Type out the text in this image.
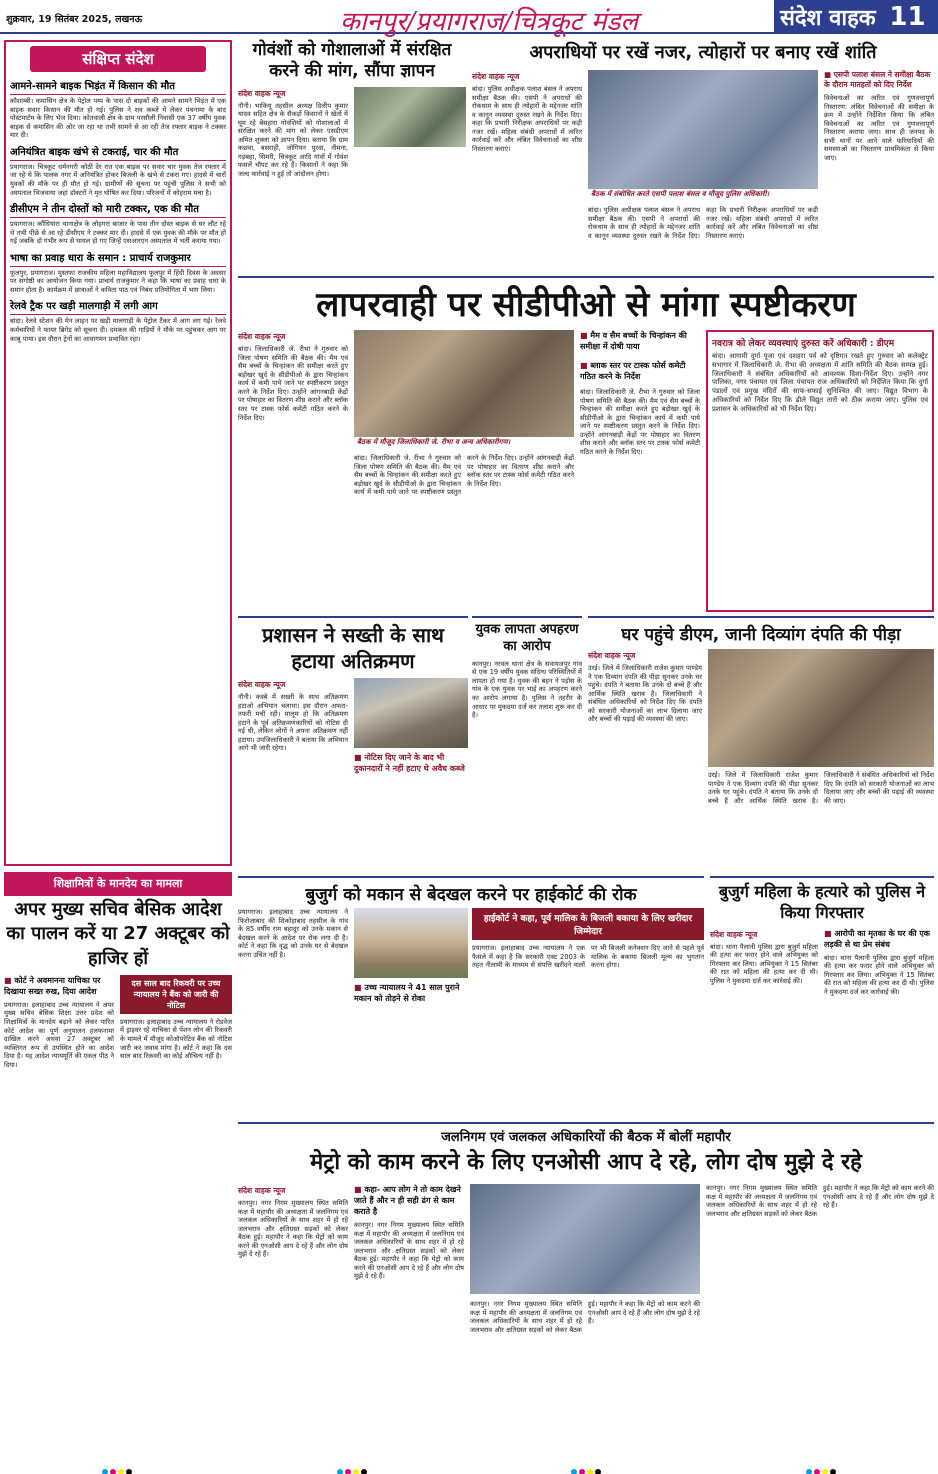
शुक्रवार, 19 सितंबर 2025, लखनऊ	कानपुर/प्रयागराज/चित्रकूट मंडल	संदेश वाहक 11
संक्षिप्त संदेश
आमने-सामने बाइक भिड़ंत में किसान की मौत
कौशाम्बी। कमासिन क्षेत्र के पेट्रोल पम्प के पास दो बाइकों की आमने सामने भिड़ंत में एक बाइक सवार किसान की मौत हो गई। पुलिस ने शव कब्जे में लेकर पंचनामा के बाद पोस्टमार्टम के लिए भेज दिया। कोतवाली क्षेत्र के ग्राम परसौली निवासी एक 37 वर्षीय युवक बाइक से कमासिन की ओर जा रहा था तभी सामने से आ रही तेज रफ्तार बाइक ने टक्कर मार दी।
अनियंत्रित बाइक खंभे से टकराई, चार की मौत
प्रयागराज। चित्रकूट धर्मनगरी कोठी देर रात एक बाइक पर सवार चार युवक तेज रफ्तार में जा रहे थे कि पालक नगर में अनियंत्रित होकर बिजली के खंभे से टकरा गए। हादसे में चारों युवकों की मौके पर ही मौत हो गई। ग्रामीणों की सूचना पर पहुंची पुलिस ने सभी को अस्पताल भिजवाया जहां डॉक्टरों ने मृत घोषित कर दिया। परिजनों में कोहराम मचा है।
डीसीएम ने तीन दोस्तों को मारी टक्कर, एक की मौत
प्रयागराज। कौंधियारा थानाक्षेत्र के लोहगरा बाजार के पास तीन दोस्त बाइक से घर लौट रहे थे तभी पीछे से आ रहे डीसीएम ने टक्कर मार दी। हादसे में एक युवक की मौके पर मौत हो गई जबकि दो गंभीर रूप से घायल हो गए जिन्हें एसआरएन अस्पताल में भर्ती कराया गया।
भाषा का प्रवाह धारा के समान : प्राचार्य राजकुमार
फूलपुर, प्रयागराज। मुस्तफा राजकीय महिला महाविद्यालय फूलपुर में हिंदी दिवस के अवसर पर संगोष्ठी का आयोजन किया गया। प्राचार्य राजकुमार ने कहा कि भाषा का प्रवाह धारा के समान होता है। कार्यक्रम में छात्राओं ने कविता पाठ एवं निबंध प्रतियोगिता में भाग लिया।
रेलवे ट्रैक पर खड़ी मालगाड़ी में लगी आग
बांदा। रेलवे स्टेशन की मेन लाइन पर खड़ी मालगाड़ी के पेट्रोल टैंकर में आग लग गई। रेलवे कर्मचारियों ने फायर ब्रिगेड को सूचना दी। दमकल की गाड़ियों ने मौके पर पहुंचकर आग पर काबू पाया। इस दौरान ट्रेनों का आवागमन प्रभावित रहा।
गोवंशों को गोशालाओं में संरक्षित करने की मांग, सौंपा ज्ञापन
संदेश वाहक न्यूज
नौनी। भाकियू तहसील अध्यक्ष दिलीप कुमार यादव सहित क्षेत्र के सैकड़ों किसानों ने खेतों में घूम रहे बेसहारा गोवंशियों को गोशालाओं में संरक्षित करने की मांग को लेकर एसडीएम अमित शुक्ला को ज्ञापन दिया। बताया कि ग्राम कछवा, बसराही, जोगियन पुरवा, नीमना, गड़बहा, सिमरी, चित्रकूट आदि गांवों में गोवंश फसलें चौपट कर रहे हैं। किसानों ने कहा कि जल्द कार्रवाई न हुई तो आंदोलन होगा।
अपराधियों पर रखें नजर, त्योहारों पर बनाए रखें शांति
संदेश वाहक न्यूज
बांदा। पुलिस अधीक्षक पलाश बंसल ने अपराध समीक्षा बैठक की। एसपी ने अपराधों की रोकथाम के साथ ही त्योहारों के मद्देनजर शांति व कानून व्यवस्था दुरुस्त रखने के निर्देश दिए। कहा कि प्रभारी निरीक्षक अपराधियों पर कड़ी नजर रखें। महिला संबंधी अपराधों में त्वरित कार्रवाई करें और लंबित विवेचनाओं का शीघ्र निस्तारण कराएं।
बैठक में संबोधित करते एसपी पलाश बंसल व मौजूद पुलिस अधिकारी।
बांदा। पुलिस अधीक्षक पलाश बंसल ने अपराध समीक्षा बैठक की। एसपी ने अपराधों की रोकथाम के साथ ही त्योहारों के मद्देनजर शांति व कानून व्यवस्था दुरुस्त रखने के निर्देश दिए। कहा कि प्रभारी निरीक्षक अपराधियों पर कड़ी नजर रखें। महिला संबंधी अपराधों में त्वरित कार्रवाई करें और लंबित विवेचनाओं का शीघ्र निस्तारण कराएं।
■ एसपी पलाश बंसल ने समीक्षा बैठक के दौरान मातहतों को दिए निर्देश
विवेचनाओं का त्वरित एवं गुणवत्तापूर्ण निस्तारण: लंबित विवेचनाओं की समीक्षा के क्रम में उन्होंने निर्देशित किया कि लंबित विवेचनाओं का त्वरित एवं गुणवत्तापूर्ण निस्तारण कराया जाए। साथ ही जनपद के सभी थानों पर आने वाले फरियादियों की समस्याओं का निस्तारण प्राथमिकता से किया जाए।
लापरवाही पर सीडीपीओ से मांगा स्पष्टीकरण
संदेश वाहक न्यूज
बांदा। जिलाधिकारी जे. रीभा ने गुरुवार को जिला पोषण समिति की बैठक की। मैम एवं सैम बच्चों के चिन्हांकन की समीक्षा करते हुए बड़ोखर खुर्द के सीडीपीओ के द्वारा चिन्हांकन कार्य में कमी पाये जाने पर स्पष्टीकरण प्रस्तुत करने के निर्देश दिए। उन्होंने आंगनबाड़ी केंद्रों पर पोषाहार का वितरण शीघ्र कराने और ब्लॉक स्तर पर टास्क फोर्स कमेटी गठित करने के निर्देश दिए।
बैठक में मौजूद जिलाधिकारी जे. रीभा व अन्य अधिकारीगण।
बांदा। जिलाधिकारी जे. रीभा ने गुरुवार को जिला पोषण समिति की बैठक की। मैम एवं सैम बच्चों के चिन्हांकन की समीक्षा करते हुए बड़ोखर खुर्द के सीडीपीओ के द्वारा चिन्हांकन कार्य में कमी पाये जाने पर स्पष्टीकरण प्रस्तुत करने के निर्देश दिए। उन्होंने आंगनबाड़ी केंद्रों पर पोषाहार का वितरण शीघ्र कराने और ब्लॉक स्तर पर टास्क फोर्स कमेटी गठित करने के निर्देश दिए।
■ मैम व सैम बच्चों के चिन्हांकन की समीक्षा में दोषी पाया
■ ब्लाक स्तर पर टास्क फोर्स कमेटी गठित करने के निर्देश
बांदा। जिलाधिकारी जे. रीभा ने गुरुवार को जिला पोषण समिति की बैठक की। मैम एवं सैम बच्चों के चिन्हांकन की समीक्षा करते हुए बड़ोखर खुर्द के सीडीपीओ के द्वारा चिन्हांकन कार्य में कमी पाये जाने पर स्पष्टीकरण प्रस्तुत करने के निर्देश दिए। उन्होंने आंगनबाड़ी केंद्रों पर पोषाहार का वितरण शीघ्र कराने और ब्लॉक स्तर पर टास्क फोर्स कमेटी गठित करने के निर्देश दिए।
नवरात्र को लेकर व्यवस्थाएं दुरुस्त करें अधिकारी : डीएम
बांदा। आगामी दुर्गा पूजा एवं दशहरा पर्व को दृष्टिगत रखते हुए गुरुवार को कलेक्ट्रेट सभागार में जिलाधिकारी जे. रीभा की अध्यक्षता में शांति समिति की बैठक सम्पन्न हुई। जिलाधिकारी ने संबंधित अधिकारियों को आवश्यक दिशा-निर्देश दिए। उन्होंने नगर पालिका, नगर पंचायत एवं जिला पंचायत राज अधिकारियों को निर्देशित किया कि दुर्गा पंडालों एवं प्रमुख मंदिरों की साफ-सफाई सुनिश्चित की जाए। विद्युत विभाग के अधिकारियों को निर्देश दिए कि ढीले विद्युत तारों को ठीक कराया जाए। पुलिस एवं प्रशासन के अधिकारियों को भी निर्देश दिए।
प्रशासन ने सख्ती के साथ हटाया अतिक्रमण
संदेश वाहक न्यूज
नौनी। कस्बे में सख्ती के साथ अतिक्रमण हटाओ अभियान चलाया। इस दौरान अफरा-तफरी मची रही। मालूम हो कि अतिक्रमण हटाने के पूर्व अतिक्रमणकारियों को नोटिस दी गई थी, लेकिन लोगों ने अपना अतिक्रमण नहीं हटाया। उपजिलाधिकारी ने बताया कि अभियान आगे भी जारी रहेगा।
■ नोटिस दिए जाने के बाद भी दुकानदारों ने नहीं हटाए थे अवैध कब्जे
युवक लापता अपहरण का आरोप
कानपुर। नरवल थाना क्षेत्र के सवायजपुर गांव से एक 19 वर्षीय युवक संदिग्ध परिस्थितियों में लापता हो गया है। युवक की बहन ने पड़ोस के गांव के एक युवक पर भाई का अपहरण करने का आरोप लगाया है। पुलिस ने तहरीर के आधार पर मुकदमा दर्ज कर तलाश शुरू कर दी है।
घर पहुंचे डीएम, जानी दिव्यांग दंपति की पीड़ा
संदेश वाहक न्यूज
उरई। जिले में जिलाधिकारी राजेश कुमार पाण्डेय ने एक दिव्यांग दंपति की पीड़ा सुनकर उनके घर पहुंचे। दंपति ने बताया कि उनके दो बच्चे हैं और आर्थिक स्थिति खराब है। जिलाधिकारी ने संबंधित अधिकारियों को निर्देश दिए कि दंपति को सरकारी योजनाओं का लाभ दिलाया जाए और बच्चों की पढ़ाई की व्यवस्था की जाए।
उरई। जिले में जिलाधिकारी राजेश कुमार पाण्डेय ने एक दिव्यांग दंपति की पीड़ा सुनकर उनके घर पहुंचे। दंपति ने बताया कि उनके दो बच्चे हैं और आर्थिक स्थिति खराब है। जिलाधिकारी ने संबंधित अधिकारियों को निर्देश दिए कि दंपति को सरकारी योजनाओं का लाभ दिलाया जाए और बच्चों की पढ़ाई की व्यवस्था की जाए।
शिक्षामित्रों के मानदेय का मामला
अपर मुख्य सचिव बेसिक आदेश का पालन करें या 27 अक्टूबर को हाजिर हों
■ कोर्ट ने अवमानना याचिका पर दिखाया सख्त रुख, दिया आदेश
प्रयागराज। इलाहाबाद उच्च न्यायालय ने अपर मुख्य सचिव बेसिक शिक्षा उत्तर प्रदेश को शिक्षामित्रों के मानदेय बढ़ाने को लेकर पारित कोर्ट आदेश का पूर्ण अनुपालन हलफनामा दाखिल करने अथवा 27 अक्टूबर को व्यक्तिगत रूप से उपस्थित होने का आदेश दिया है। यह आदेश न्यायमूर्ति की एकल पीठ ने दिया।
दस साल बाद रिकवरी पर उच्च न्यायालय ने बैंक को जारी की नोटिस
प्रयागराज। इलाहाबाद उच्च न्यायालय ने रोडवेज में ड्राइवर रहे याचिका से पेंशन लोन की रिकवरी के मामले में मौजूद कोऑपरेटिव बैंक को नोटिस जारी कर जवाब मांगा है। कोर्ट ने कहा कि दस साल बाद रिकवरी का कोई औचित्य नहीं है।
बुजुर्ग को मकान से बेदखल करने पर हाईकोर्ट की रोक
प्रयागराज। इलाहाबाद उच्च न्यायालय ने फिरोजाबाद की शिकोहाबाद तहसील के गांव के 85 वर्षीय राम बहादुर को उनके मकान से बेदखल करने के आदेश पर रोक लगा दी है। कोर्ट ने कहा कि वृद्ध को उनके घर से बेदखल करना उचित नहीं है।
■ उच्च न्यायालय ने 41 साल पुराने मकान को तोड़ने से रोका
हाईकोर्ट ने कहा, पूर्व मालिक के बिजली बकाया के लिए खरीदार जिम्मेदार
प्रयागराज। इलाहाबाद उच्च न्यायालय ने एक फैसले में कहा है कि सरकारी एक्ट 2003 के तहत नीलामी के माध्यम से संपत्ति खरीदने वालों पर भी बिजली कनेक्शन दिए जाने से पहले पूर्व मालिक के बकाया बिजली मूल्य का भुगतान करना होगा।
बुजुर्ग महिला के हत्यारे को पुलिस ने किया गिरफ्तार
संदेश वाहक न्यूज
बांदा। थाना पैलानी पुलिस द्वारा बुजुर्ग महिला की हत्या कर फरार होने वाले अभियुक्त को गिरफ्तार कर लिया। अभियुक्त ने 15 सितंबर की रात को महिला की हत्या कर दी थी। पुलिस ने मुकदमा दर्ज कर कार्रवाई की।
■ आरोपी का मृतका के घर की एक लड़की से था प्रेम संबंध
बांदा। थाना पैलानी पुलिस द्वारा बुजुर्ग महिला की हत्या कर फरार होने वाले अभियुक्त को गिरफ्तार कर लिया। अभियुक्त ने 15 सितंबर की रात को महिला की हत्या कर दी थी। पुलिस ने मुकदमा दर्ज कर कार्रवाई की।
जलनिगम एवं जलकल अधिकारियों की बैठक में बोलीं महापौर
मेट्रो को काम करने के लिए एनओसी आप दे रहे, लोग दोष मुझे दे रहे
संदेश वाहक न्यूज
कानपुर। नगर निगम मुख्यालय स्थित समिति कक्ष में महापौर की अध्यक्षता में जलनिगम एवं जलकल अधिकारियों के साथ शहर में हो रहे जलभराव और क्षतिग्रस्त सड़कों को लेकर बैठक हुई। महापौर ने कहा कि मेट्रो को काम करने की एनओसी आप दे रहे हैं और लोग दोष मुझे दे रहे हैं।
■ कहा- आप लोग ने तो काम देखने जाते हैं और न ही सही ढंग से काम कराते है
कानपुर। नगर निगम मुख्यालय स्थित समिति कक्ष में महापौर की अध्यक्षता में जलनिगम एवं जलकल अधिकारियों के साथ शहर में हो रहे जलभराव और क्षतिग्रस्त सड़कों को लेकर बैठक हुई। महापौर ने कहा कि मेट्रो को काम करने की एनओसी आप दे रहे हैं और लोग दोष मुझे दे रहे हैं।
कानपुर। नगर निगम मुख्यालय स्थित समिति कक्ष में महापौर की अध्यक्षता में जलनिगम एवं जलकल अधिकारियों के साथ शहर में हो रहे जलभराव और क्षतिग्रस्त सड़कों को लेकर बैठक हुई। महापौर ने कहा कि मेट्रो को काम करने की एनओसी आप दे रहे हैं और लोग दोष मुझे दे रहे हैं।
कानपुर। नगर निगम मुख्यालय स्थित समिति कक्ष में महापौर की अध्यक्षता में जलनिगम एवं जलकल अधिकारियों के साथ शहर में हो रहे जलभराव और क्षतिग्रस्त सड़कों को लेकर बैठक हुई। महापौर ने कहा कि मेट्रो को काम करने की एनओसी आप दे रहे हैं और लोग दोष मुझे दे रहे हैं।
